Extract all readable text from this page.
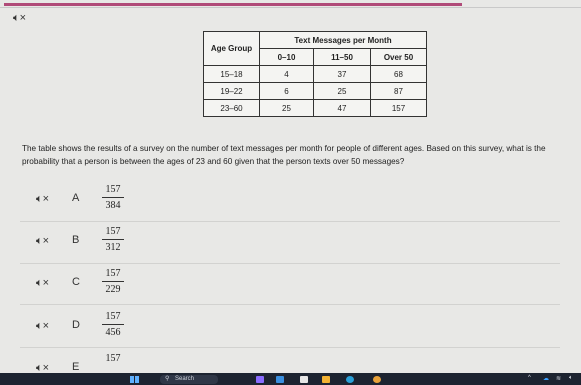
🔈︎×
Age Group	Text Messages per Month		
	0–10	11–50	Over 50
15–18	4	37	68
19–22	6	25	87
23–60	25	47	157
The table shows the results of a survey on the number of text messages per month for people of different ages. Based on this survey, what is the probability that a person is between the ages of 23 and 60 given that the person texts over 50 messages?
🔈︎× A
157
384
🔈︎× B
157
312
🔈︎× C
157
229
🔈︎× D
157
456
🔈︎× E
157
⚲ Search	^ ☁ ≋ 🔈︎
